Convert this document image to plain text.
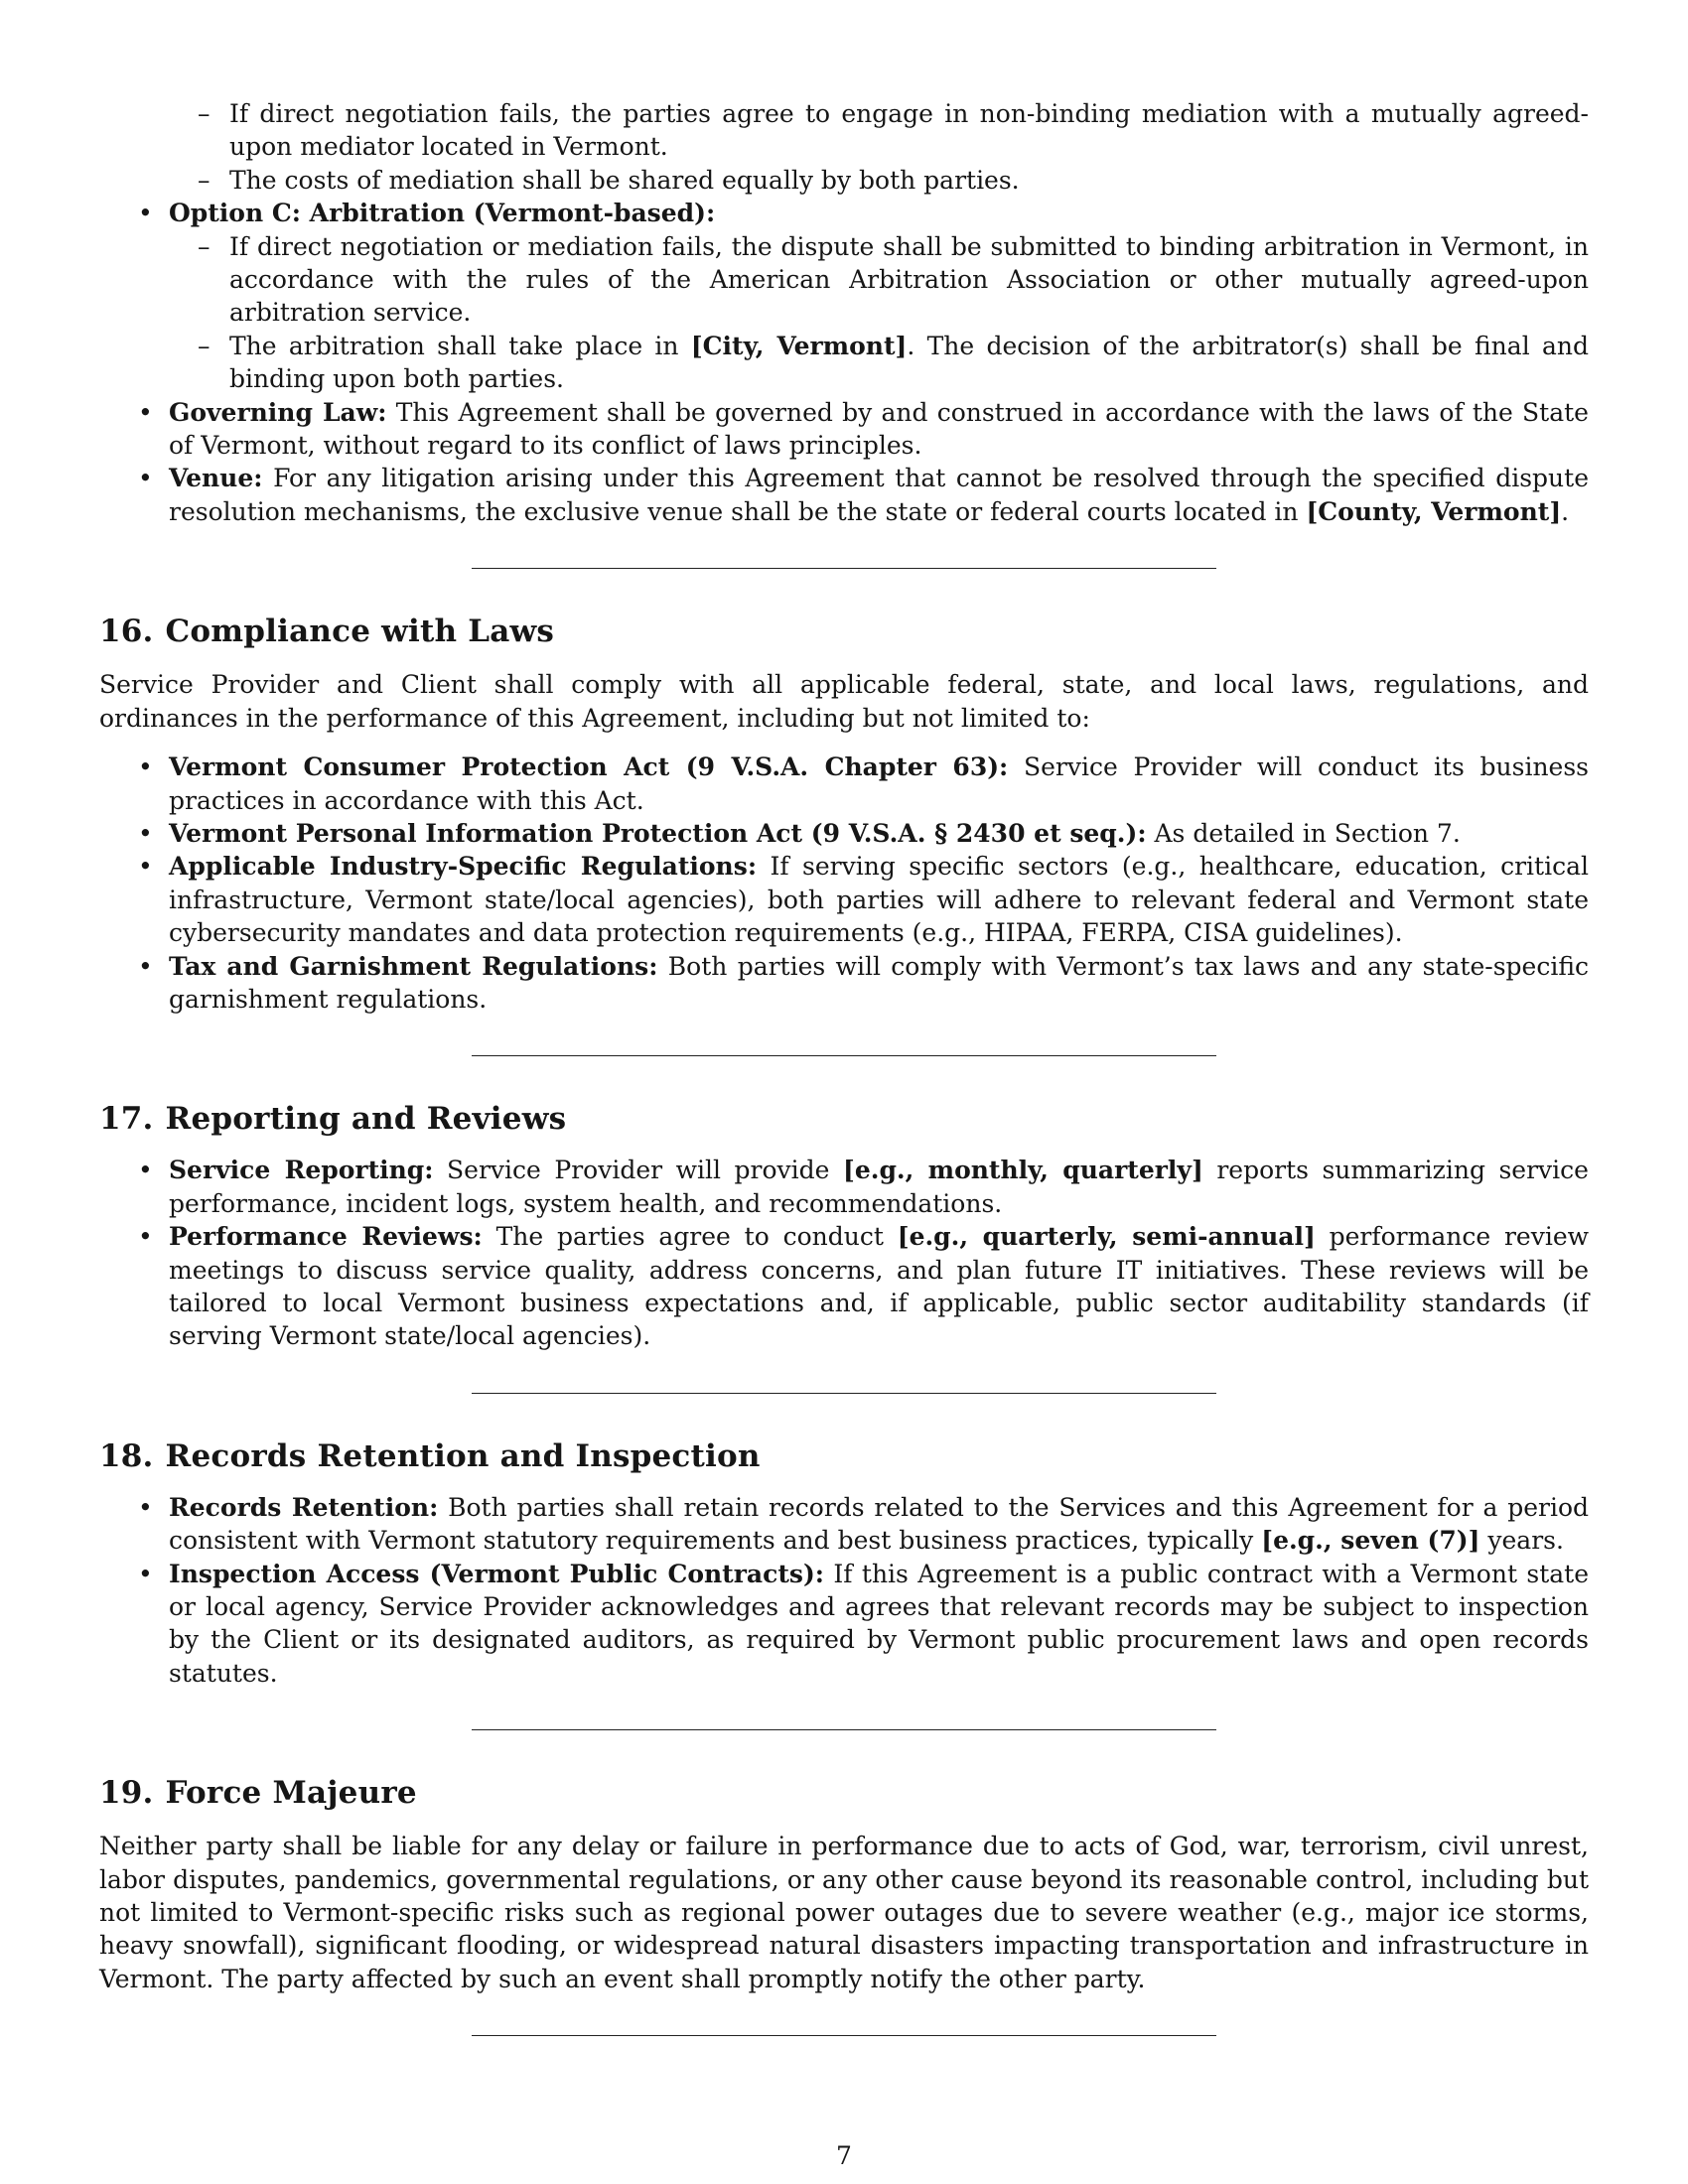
– If direct negotiation fails, the parties agree to engage in non-binding mediation with a mutually agreed-upon mediator located in Vermont.
– The costs of mediation shall be shared equally by both parties.
• Option C: Arbitration (Vermont-based):
– If direct negotiation or mediation fails, the dispute shall be submitted to binding arbitration in Vermont, in accordance with the rules of the American Arbitration Association or other mutually agreed-upon arbitration service.
– The arbitration shall take place in [City, Vermont]. The decision of the arbitrator(s) shall be final and binding upon both parties.
• Governing Law: This Agreement shall be governed by and construed in accordance with the laws of the State of Vermont, without regard to its conflict of laws principles.
• Venue: For any litigation arising under this Agreement that cannot be resolved through the specified dispute resolution mechanisms, the exclusive venue shall be the state or federal courts located in [County, Vermont].
16. Compliance with Laws

Service Provider and Client shall comply with all applicable federal, state, and local laws, regulations, and ordinances in the performance of this Agreement, including but not limited to:

• Vermont Consumer Protection Act (9 V.S.A. Chapter 63): Service Provider will conduct its business practices in accordance with this Act.
• Vermont Personal Information Protection Act (9 V.S.A. § 2430 et seq.): As detailed in Section 7.
• Applicable Industry-Specific Regulations: If serving specific sectors (e.g., healthcare, education, critical infrastructure, Vermont state/local agencies), both parties will adhere to relevant federal and Vermont state cybersecurity mandates and data protection requirements (e.g., HIPAA, FERPA, CISA guidelines).
• Tax and Garnishment Regulations: Both parties will comply with Vermont’s tax laws and any state-specific garnishment regulations.
17. Reporting and Reviews
• Service Reporting: Service Provider will provide [e.g., monthly, quarterly] reports summarizing service performance, incident logs, system health, and recommendations.
• Performance Reviews: The parties agree to conduct [e.g., quarterly, semi-annual] performance review meetings to discuss service quality, address concerns, and plan future IT initiatives. These reviews will be tailored to local Vermont business expectations and, if applicable, public sector auditability standards (if serving Vermont state/local agencies).
18. Records Retention and Inspection
• Records Retention: Both parties shall retain records related to the Services and this Agreement for a period consistent with Vermont statutory requirements and best business practices, typically [e.g., seven (7)] years.
• Inspection Access (Vermont Public Contracts): If this Agreement is a public contract with a Vermont state or local agency, Service Provider acknowledges and agrees that relevant records may be subject to inspection by the Client or its designated auditors, as required by Vermont public procurement laws and open records statutes.
19. Force Majeure

Neither party shall be liable for any delay or failure in performance due to acts of God, war, terrorism, civil unrest, labor disputes, pandemics, governmental regulations, or any other cause beyond its reasonable control, including but not limited to Vermont-specific risks such as regional power outages due to severe weather (e.g., major ice storms, heavy snowfall), significant flooding, or widespread natural disasters impacting transportation and infrastructure in Vermont. The party affected by such an event shall promptly notify the other party.

7
